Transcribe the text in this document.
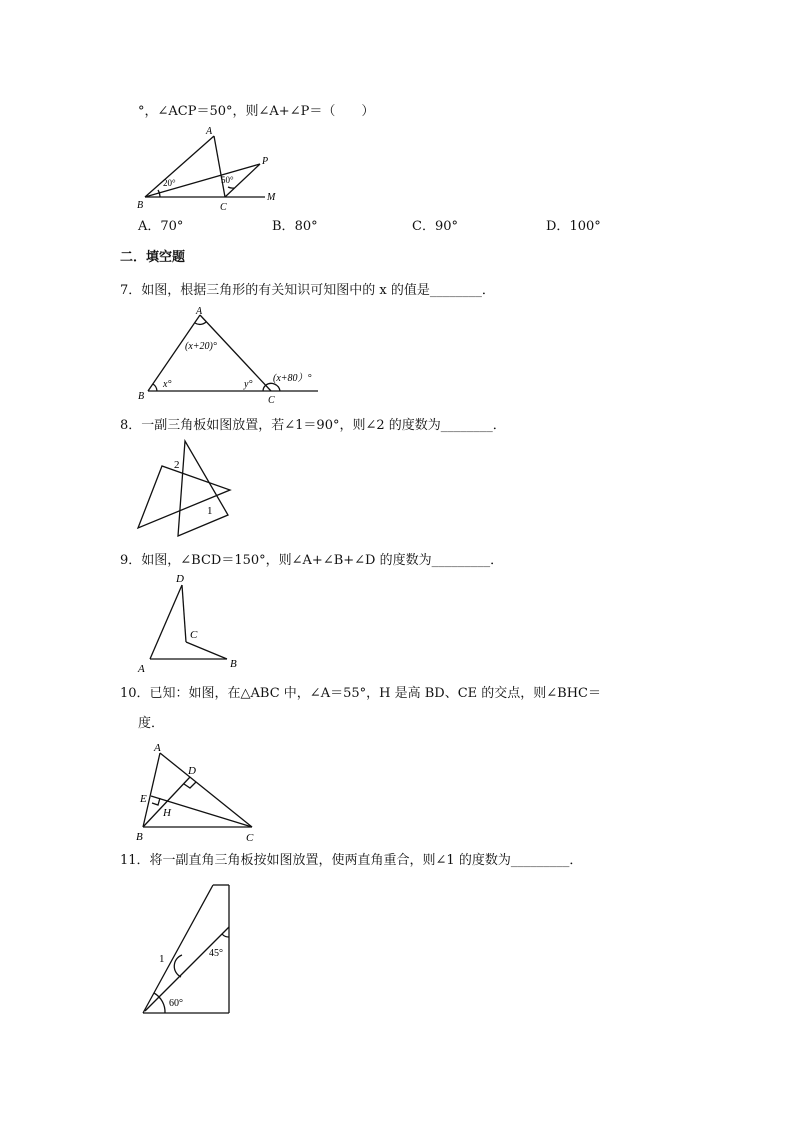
°，∠ACP＝50°，则∠A+∠P＝（　　）
A
B	C
P
M
20°	50°
A．70°	B．80°	C．90°	D．100°
二．填空题
7．如图，根据三角形的有关知识可知图中的 x 的值是________．
A
B	C
(x+20)°
x°	y°
(x+80）°
8．一副三角板如图放置，若∠1＝90°，则∠2 的度数为________．
1
2
9．如图，∠BCD＝150°，则∠A+∠B+∠D 的度数为_________．
D
C
A	B
10．已知：如图，在△ABC 中，∠A＝55°，H 是高 BD、CE 的交点，则∠BHC＝
度．
A
B	C
D
E
H
11．将一副直角三角板按如图放置，使两直角重合，则∠1 的度数为_________．
1	45°
60°
